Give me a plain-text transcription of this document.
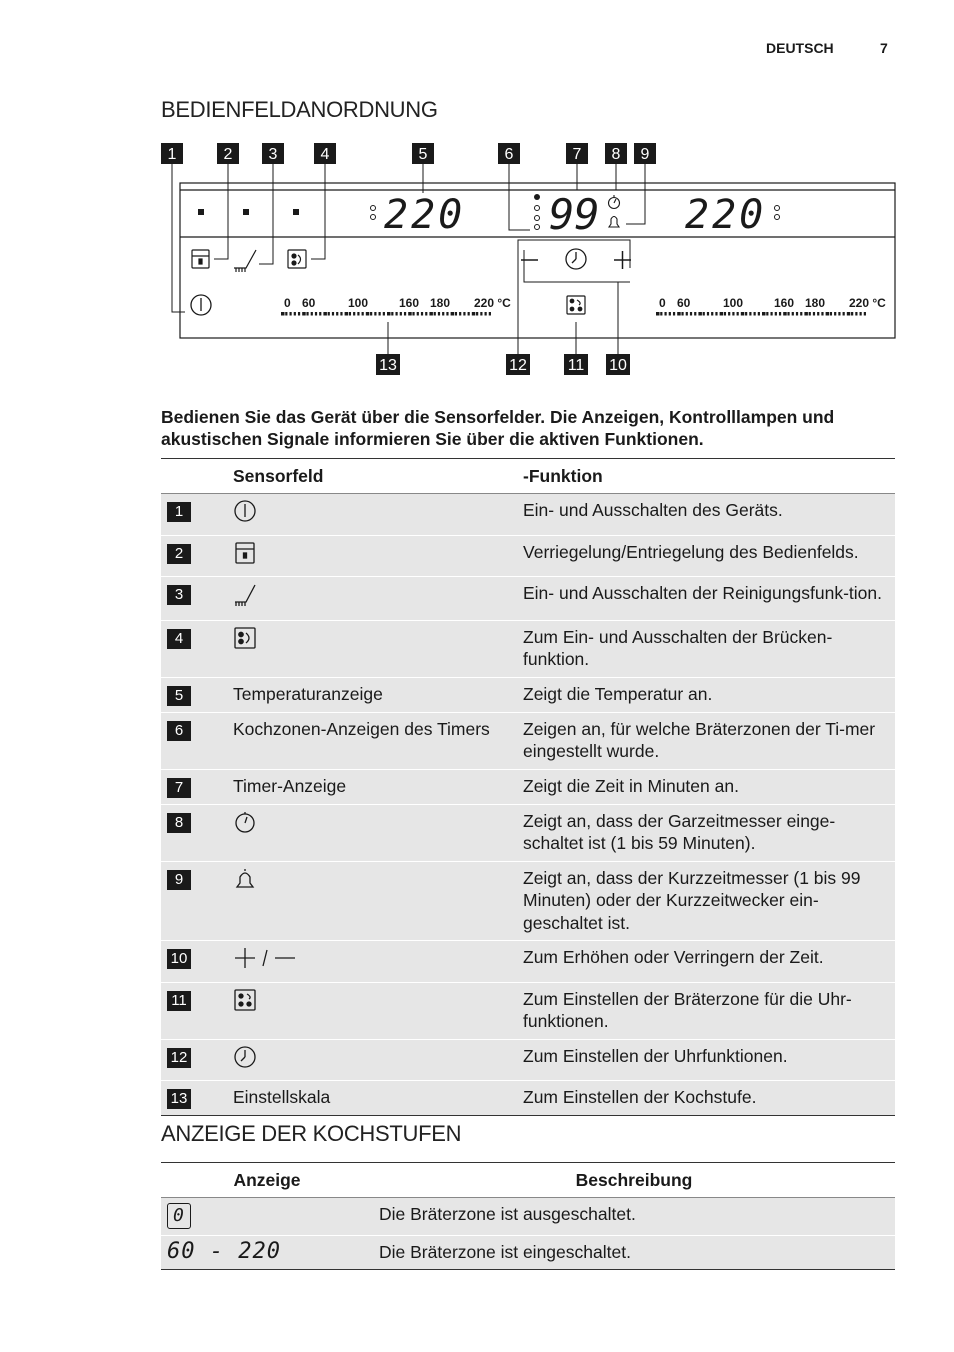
DEUTSCH	7
BEDIENFELDANORDNUNG
220 99 220
0 60	100	160 180 220 °C	0 60	100	160 180 220 °C
1	2 3	4	5	6	7 8 9
13	12	11 10
Bedienen Sie das Gerät über die Sensorfelder. Die Anzeigen, Kontrolllampen und akustischen Signale informieren Sie über die aktiven Funktionen.
	Sensorfeld	-Funktion
1		Ein- und Ausschalten des Geräts.
2		Verriegelung/Entriegelung des Bedienfelds.
3		Ein- und Ausschalten der Reinigungsfunk-tion.
4		Zum Ein- und Ausschalten der Brücken-funktion.
5	Temperaturanzeige	Zeigt die Temperatur an.
6	Kochzonen-Anzeigen des Timers	Zeigen an, für welche Bräterzonen der Ti-mer eingestellt wurde.
7	Timer-Anzeige	Zeigt die Zeit in Minuten an.
8		Zeigt an, dass der Garzeitmesser einge-schaltet ist (1 bis 59 Minuten).
9		Zeigt an, dass der Kurzzeitmesser (1 bis 99 Minuten) oder der Kurzzeitwecker ein-geschaltet ist.
10		Zum Erhöhen oder Verringern der Zeit.
11		Zum Einstellen der Bräterzone für die Uhr-funktionen.
12		Zum Einstellen der Uhrfunktionen.
13	Einstellskala	Zum Einstellen der Kochstufe.
ANZEIGE DER KOCHSTUFEN
Anzeige	Beschreibung
0	Die Bräterzone ist ausgeschaltet.
60 - 220	Die Bräterzone ist eingeschaltet.
